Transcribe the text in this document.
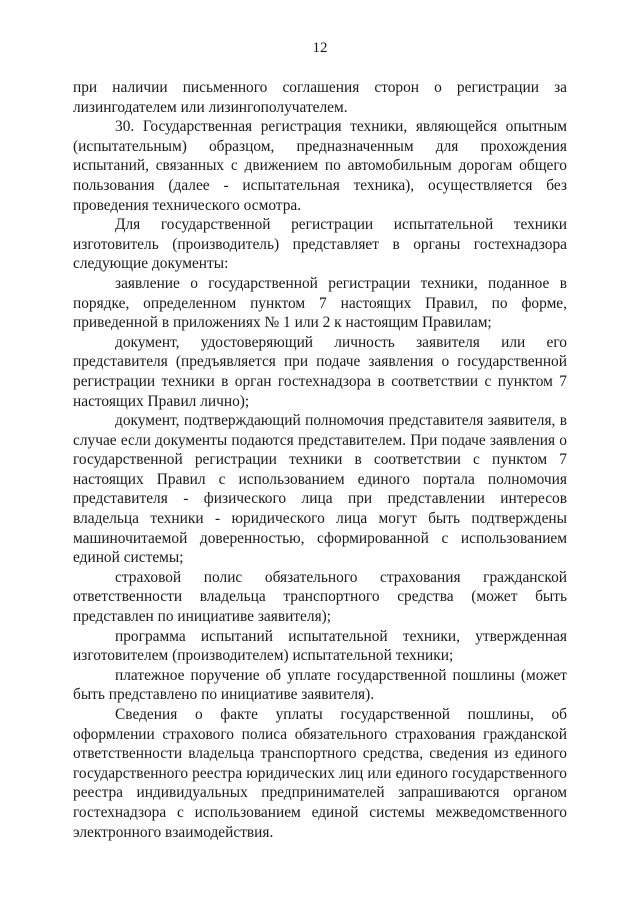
12

при наличии письменного соглашения сторон о регистрации за лизингодателем или лизингополучателем.

30. Государственная регистрация техники, являющейся опытным (испытательным) образцом, предназначенным для прохождения испытаний, связанных с движением по автомобильным дорогам общего пользования (далее - испытательная техника), осуществляется без проведения технического осмотра.

Для государственной регистрации испытательной техники изготовитель (производитель) представляет в органы гостехнадзора следующие документы:

заявление о государственной регистрации техники, поданное в порядке, определенном пунктом 7 настоящих Правил, по форме, приведенной в приложениях № 1 или 2 к настоящим Правилам;

документ, удостоверяющий личность заявителя или его представителя (предъявляется при подаче заявления о государственной регистрации техники в орган гостехнадзора в соответствии с пунктом 7 настоящих Правил лично);

документ, подтверждающий полномочия представителя заявителя, в случае если документы подаются представителем. При подаче заявления о государственной регистрации техники в соответствии с пунктом 7 настоящих Правил с использованием единого портала полномочия представителя - физического лица при представлении интересов владельца техники - юридического лица могут быть подтверждены машиночитаемой доверенностью, сформированной с использованием единой системы;

страховой полис обязательного страхования гражданской ответственности владельца транспортного средства (может быть представлен по инициативе заявителя);

программа испытаний испытательной техники, утвержденная изготовителем (производителем) испытательной техники;

платежное поручение об уплате государственной пошлины (может быть представлено по инициативе заявителя).

Сведения о факте уплаты государственной пошлины, об оформлении страхового полиса обязательного страхования гражданской ответственности владельца транспортного средства, сведения из единого государственного реестра юридических лиц или единого государственного реестра индивидуальных предпринимателей запрашиваются органом гостехнадзора с использованием единой системы межведомственного электронного взаимодействия.
